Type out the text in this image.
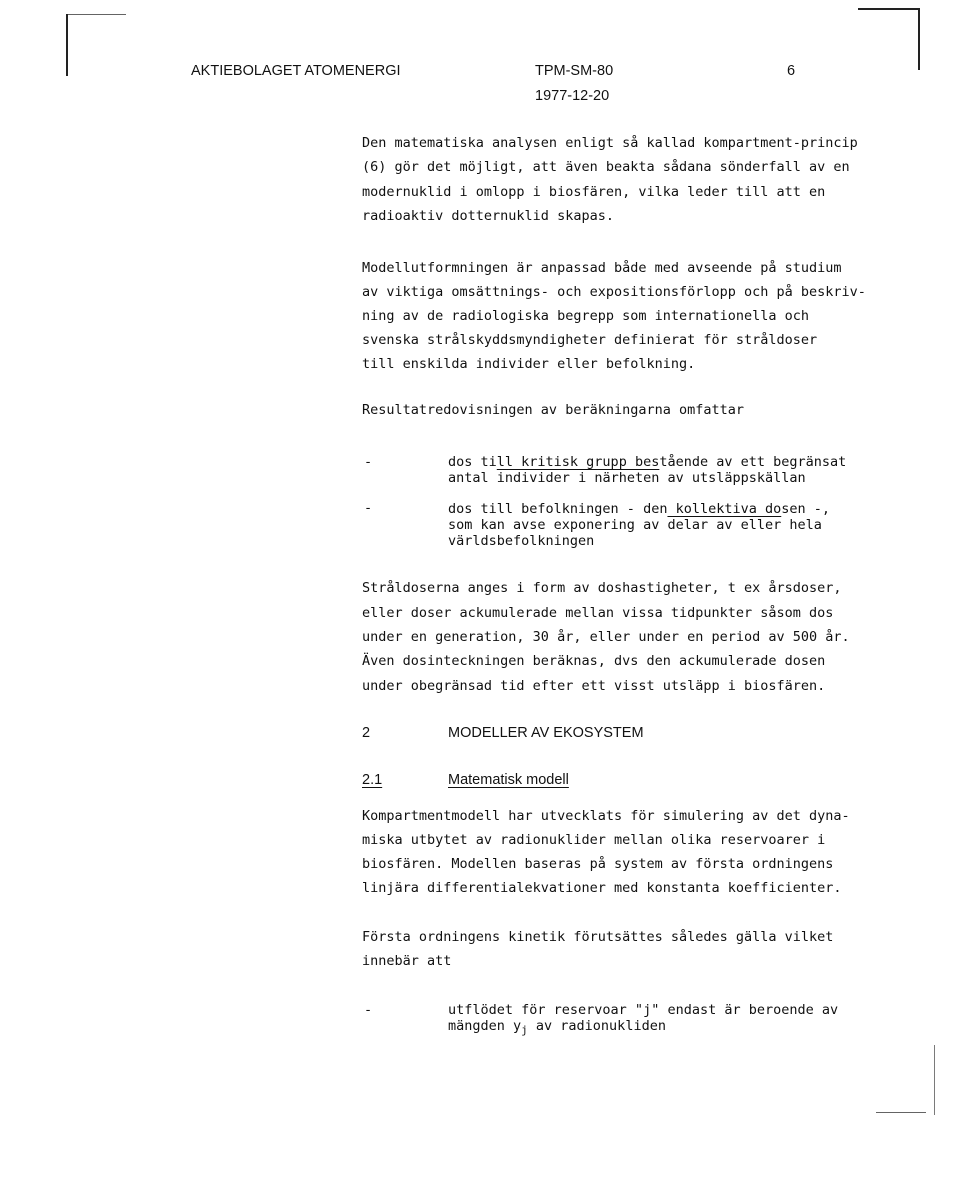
AKTIEBOLAGET ATOMENERGI	TPM-SM-80	6
1977-12-20
Den matematiska analysen enligt så kallad kompartment-princip
(6) gör det möjligt, att även beakta sådana sönderfall av en
modernuklid i omlopp i biosfären, vilka leder till att en
radioaktiv dotternuklid skapas.
Modellutformningen är anpassad både med avseende på studium
av viktiga omsättnings- och expositionsförlopp och på beskriv-
ning av de radiologiska begrepp som internationella och
svenska strålskyddsmyndigheter definierat för stråldoser
till enskilda individer eller befolkning.
Resultatredovisningen av beräkningarna omfattar
-	dos till kritisk grupp bestående av ett begränsat
antal individer i närheten av utsläppskällan
-	dos till befolkningen - den kollektiva dosen -,
som kan avse exponering av delar av eller hela
världsbefolkningen
Stråldoserna anges i form av doshastigheter, t ex årsdoser,
eller doser ackumulerade mellan vissa tidpunkter såsom dos
under en generation, 30 år, eller under en period av 500 år.
Även dosinteckningen beräknas, dvs den ackumulerade dosen
under obegränsad tid efter ett visst utsläpp i biosfären.
2	MODELLER AV EKOSYSTEM
2.1	Matematisk modell
Kompartmentmodell har utvecklats för simulering av det dyna-
miska utbytet av radionuklider mellan olika reservoarer i
biosfären. Modellen baseras på system av första ordningens
linjära differentialekvationer med konstanta koefficienter.
Första ordningens kinetik förutsättes således gälla vilket
innebär att
-	utflödet för reservoar "j" endast är beroende av
mängden $y_j$ av radionukliden
